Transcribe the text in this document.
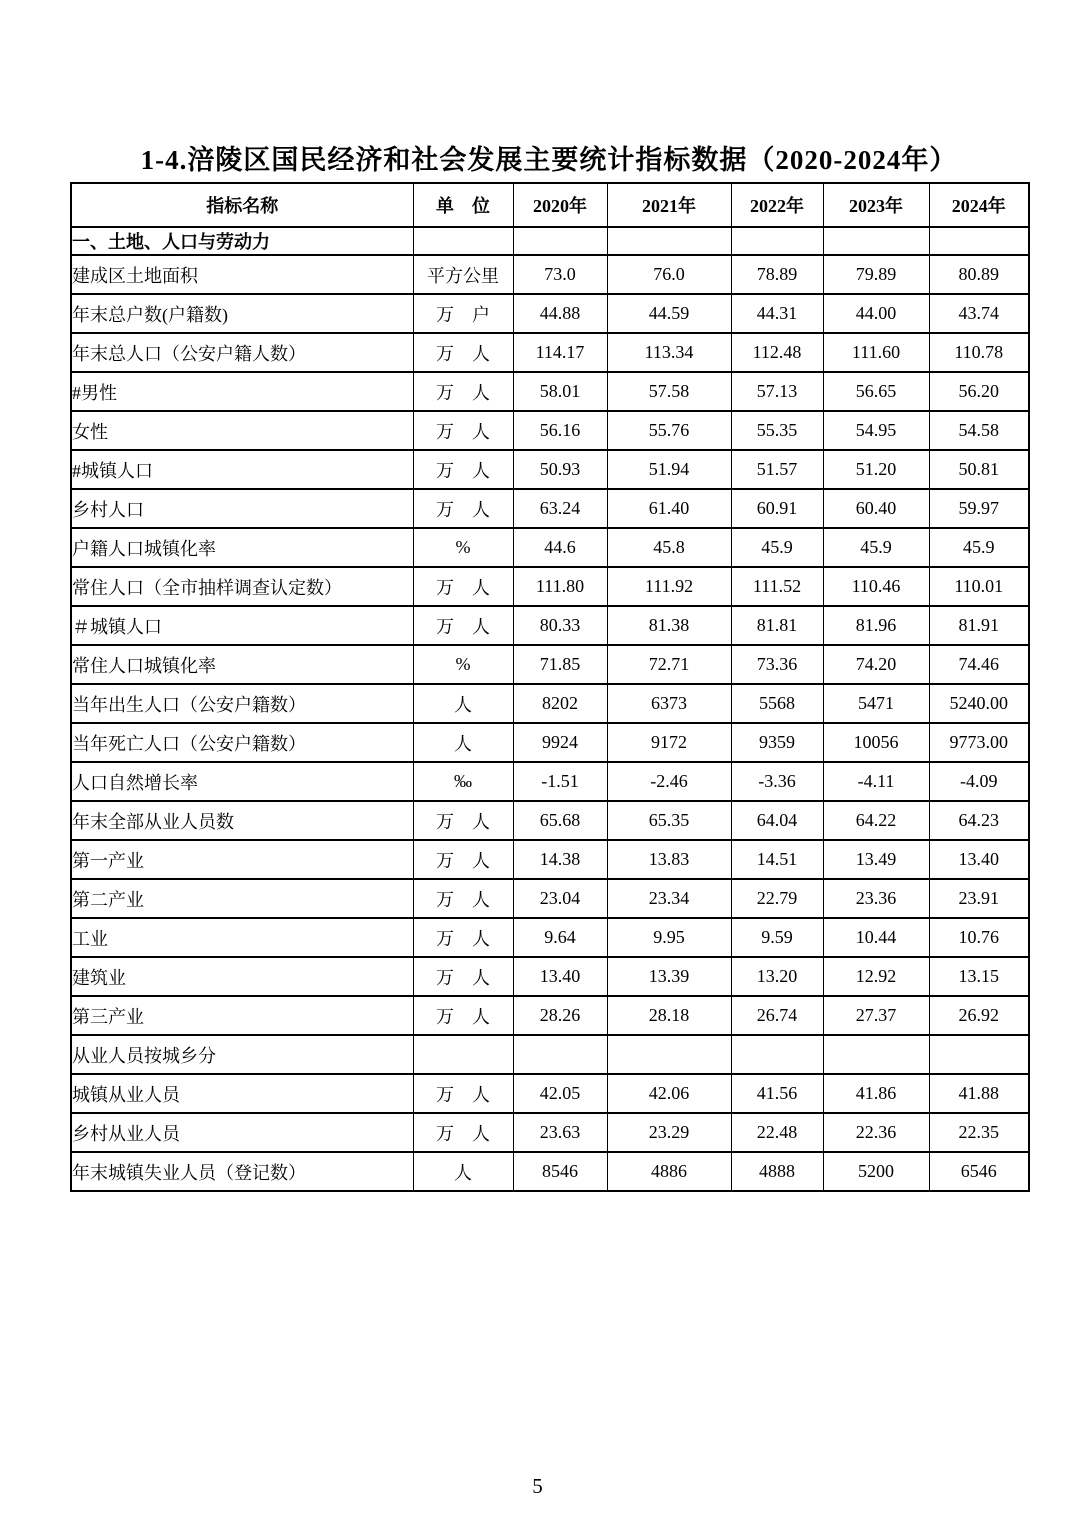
1-4.涪陵区国民经济和社会发展主要统计指标数据（2020-2024年）
指标名称	单　位	2020年	2021年	2022年	2023年	2024年
一、土地、人口与劳动力						
建成区土地面积	平方公里	73.0	76.0	78.89	79.89	80.89
年末总户数(户籍数)	万　户	44.88	44.59	44.31	44.00	43.74
年末总人口（公安户籍人数）	万　人	114.17	113.34	112.48	111.60	110.78
#男性	万　人	58.01	57.58	57.13	56.65	56.20
女性	万　人	56.16	55.76	55.35	54.95	54.58
#城镇人口	万　人	50.93	51.94	51.57	51.20	50.81
乡村人口	万　人	63.24	61.40	60.91	60.40	59.97
户籍人口城镇化率	%	44.6	45.8	45.9	45.9	45.9
常住人口（全市抽样调查认定数）	万　人	111.80	111.92	111.52	110.46	110.01
＃城镇人口	万　人	80.33	81.38	81.81	81.96	81.91
常住人口城镇化率	%	71.85	72.71	73.36	74.20	74.46
当年出生人口（公安户籍数）	人	8202	6373	5568	5471	5240.00
当年死亡人口（公安户籍数）	人	9924	9172	9359	10056	9773.00
人口自然增长率	‰	-1.51	-2.46	-3.36	-4.11	-4.09
年末全部从业人员数	万　人	65.68	65.35	64.04	64.22	64.23
第一产业	万　人	14.38	13.83	14.51	13.49	13.40
第二产业	万　人	23.04	23.34	22.79	23.36	23.91
工业	万　人	9.64	9.95	9.59	10.44	10.76
建筑业	万　人	13.40	13.39	13.20	12.92	13.15
第三产业	万　人	28.26	28.18	26.74	27.37	26.92
从业人员按城乡分						
城镇从业人员	万　人	42.05	42.06	41.56	41.86	41.88
乡村从业人员	万　人	23.63	23.29	22.48	22.36	22.35
年末城镇失业人员（登记数）	人	8546	4886	4888	5200	6546
5
